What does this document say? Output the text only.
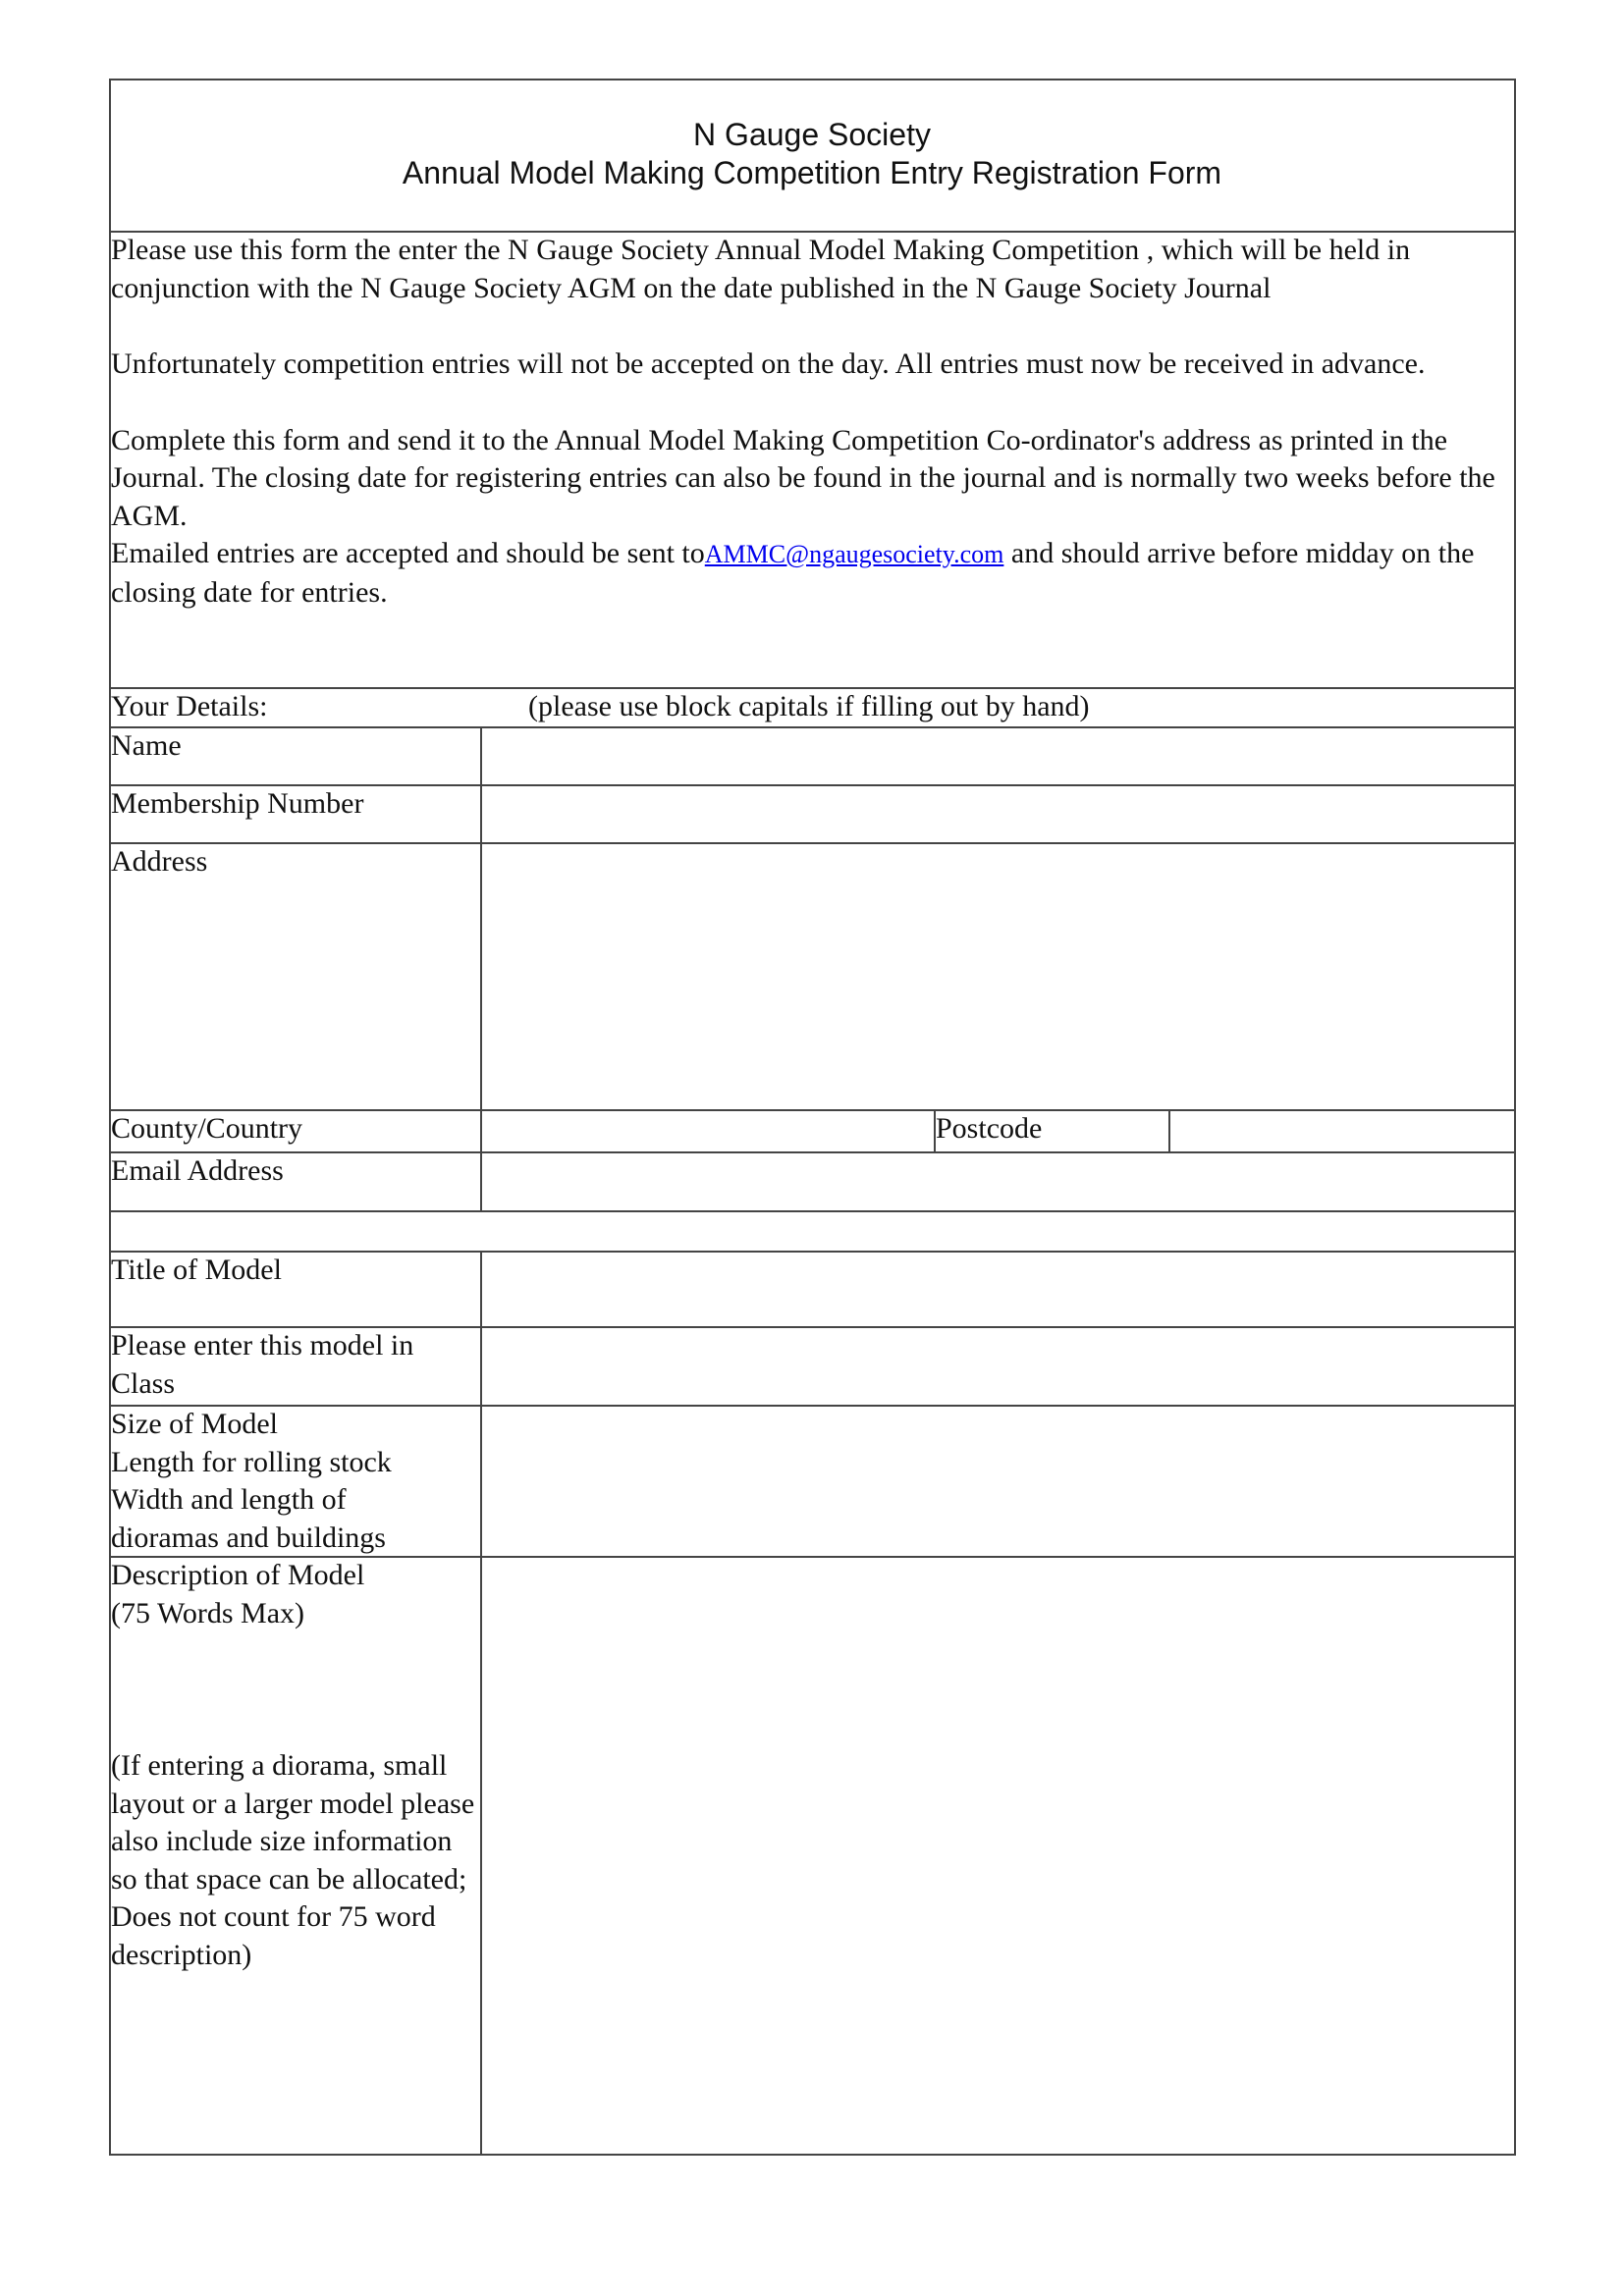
N Gauge Society
Annual Model Making Competition Entry Registration Form

Please use this form the enter the N Gauge Society Annual Model Making Competition , which will be held in conjunction with the N Gauge Society AGM on the date published in the N Gauge Society Journal

Unfortunately competition entries will not be accepted on the day. All entries must now be received in advance.

Complete this form and send it to the Annual Model Making Competition Co-ordinator's address as printed in the Journal. The closing date for registering entries can also be found in the journal and is normally two weeks before the AGM.

Emailed entries are accepted and should be sent toAMMC@ngaugesociety.com and should arrive before midday on the closing date for entries.

Your Details:	(please use block capitals if filling out by hand)
Name
Membership Number
Address
County/Country	Postcode
Email Address
Title of Model
Please enter this model in Class
Size of Model
Length for rolling stock
Width and length of
dioramas and buildings
Description of Model
(75 Words Max)
(If entering a diorama, small layout or a larger model please also include size information so that space can be allocated; Does not count for 75 word description)
